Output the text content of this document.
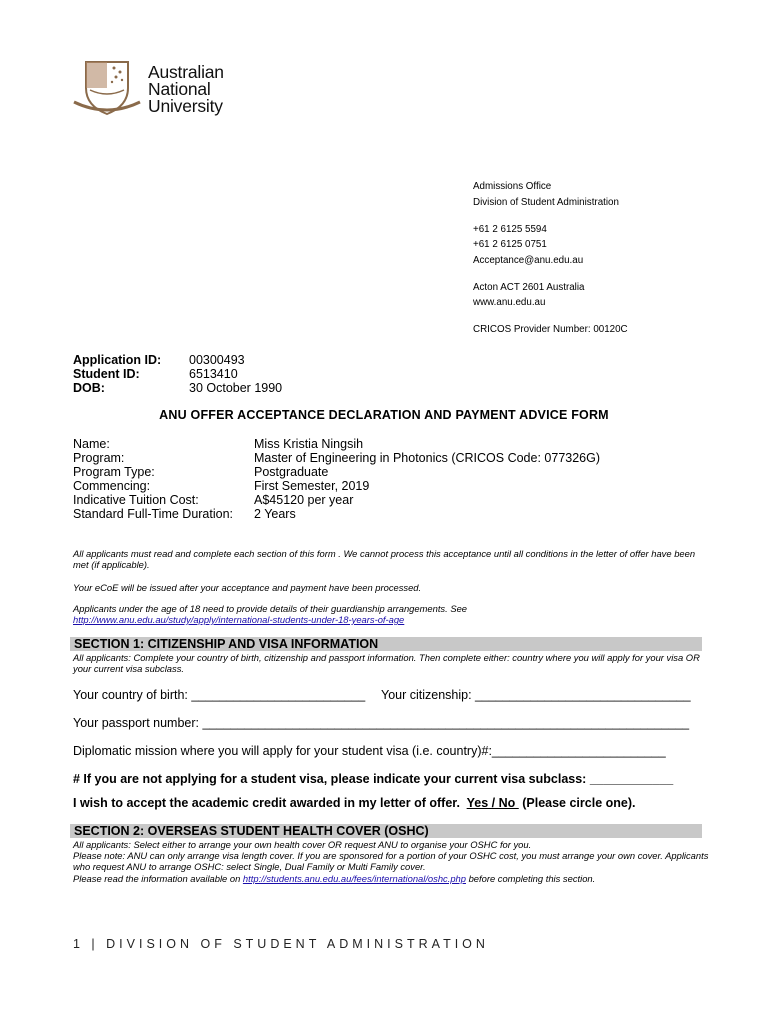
Australian
National
University
Admissions Office
Division of Student Administration
+61 2 6125 5594
+61 2 6125 0751
Acceptance@anu.edu.au
Acton ACT 2601 Australia
www.anu.edu.au
CRICOS Provider Number: 00120C
Application ID: 00300493
Student ID:	6513410
DOB:	30 October 1990
ANU OFFER ACCEPTANCE DECLARATION AND PAYMENT ADVICE FORM
Name:	Miss Kristia Ningsih
Program:	Master of Engineering in Photonics (CRICOS Code: 077326G)
Program Type:	Postgraduate
Commencing:	First Semester, 2019
Indicative Tuition Cost:	A$45120 per year
Standard Full-Time Duration: 2 Years
All applicants must read and complete each section of this form . We cannot process this acceptance until all conditions in the letter of offer have been met (if applicable).
Your eCoE will be issued after your acceptance and payment have been processed.
Applicants under the age of 18 need to provide details of their guardianship arrangements. See
http://www.anu.edu.au/study/apply/international-students-under-18-years-of-age
SECTION 1: CITIZENSHIP AND VISA INFORMATION
All applicants: Complete your country of birth, citizenship and passport information. Then complete either: country where you will apply for your visa OR your current visa subclass.
Your country of birth: _________________________ Your citizenship: _______________________________
Your passport number: ______________________________________________________________________
Diplomatic mission where you will apply for your student visa (i.e. country)#:_________________________
# If you are not applying for a student visa, please indicate your current visa subclass: ____________
I wish to accept the academic credit awarded in my letter of offer.  Yes / No  (Please circle one).
SECTION 2: OVERSEAS STUDENT HEALTH COVER (OSHC)
All applicants: Select either to arrange your own health cover OR request ANU to organise your OSHC for you.
Please note: ANU can only arrange visa length cover. If you are sponsored for a portion of your OSHC cost, you must arrange your own cover. Applicants who request ANU to arrange OSHC: select Single, Dual Family or Multi Family cover.
Please read the information available on http://students.anu.edu.au/fees/international/oshc.php before completing this section.
1 | DIVISION OF STUDENT ADMINISTRATION
